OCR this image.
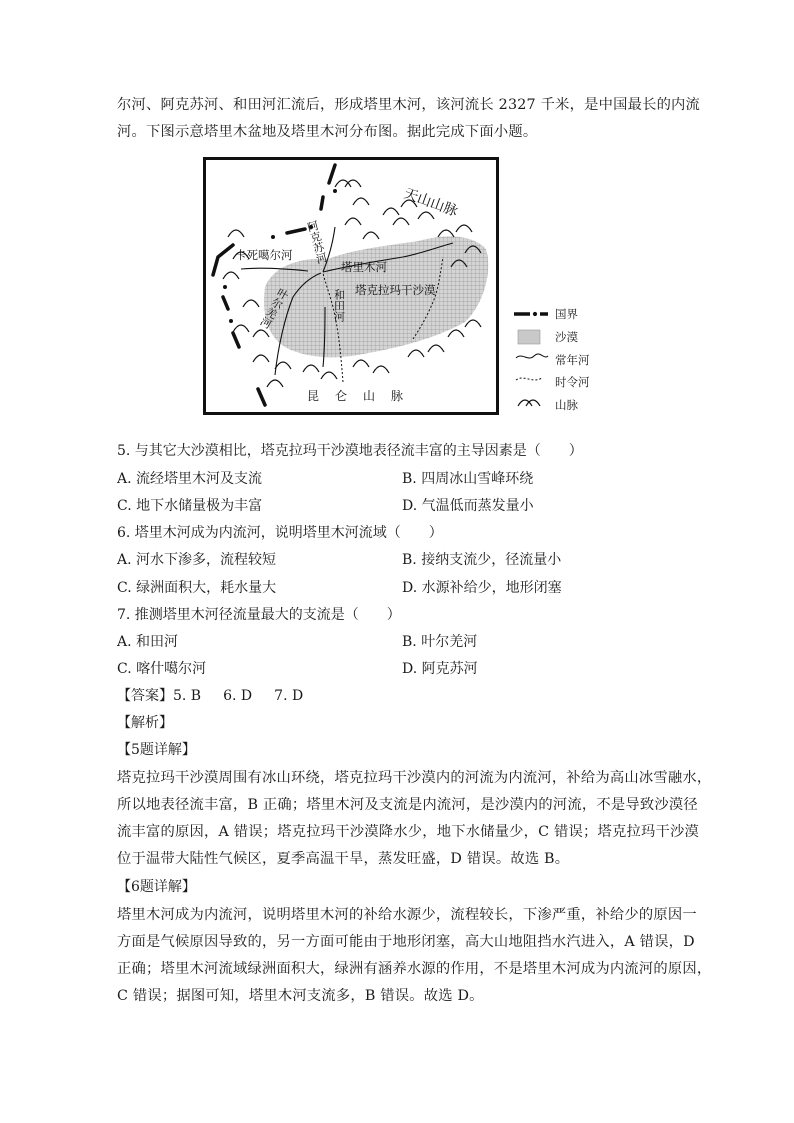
尔河、阿克苏河、和田河汇流后，形成塔里木河，该河流长 2327 千米，是中国最长的内流
河。下图示意塔里木盆地及塔里木河分布图。据此完成下面小题。
天山山脉
卡死噶尔河
塔里木河
塔克拉玛干沙漠
和田河
阿克苏河
叶尔羌河
昆 仑 山 脉
国界
沙漠
常年河
时令河
山脉
5. 与其它大沙漠相比，塔克拉玛干沙漠地表径流丰富的主导因素是（　　）
A. 流经塔里木河及支流	B. 四周冰山雪峰环绕
C. 地下水储量极为丰富	D. 气温低而蒸发量小
6. 塔里木河成为内流河，说明塔里木河流域（　　）
A. 河水下渗多，流程较短	B. 接纳支流少，径流量小
C. 绿洲面积大，耗水量大	D. 水源补给少，地形闭塞
7. 推测塔里木河径流量最大的支流是（　　）
A. 和田河	B. 叶尔羌河
C. 喀什噶尔河	D. 阿克苏河
【答案】5. B 6. D 7. D
【解析】
【5题详解】
塔克拉玛干沙漠周围有冰山环绕，塔克拉玛干沙漠内的河流为内流河，补给为高山冰雪融水，
所以地表径流丰富，B 正确；塔里木河及支流是内流河，是沙漠内的河流，不是导致沙漠径
流丰富的原因，A 错误；塔克拉玛干沙漠降水少，地下水储量少，C 错误；塔克拉玛干沙漠
位于温带大陆性气候区，夏季高温干旱，蒸发旺盛，D 错误。故选 B。
【6题详解】
塔里木河成为内流河，说明塔里木河的补给水源少，流程较长，下渗严重，补给少的原因一
方面是气候原因导致的，另一方面可能由于地形闭塞，高大山地阻挡水汽进入，A 错误，D
正确；塔里木河流域绿洲面积大，绿洲有涵养水源的作用，不是塔里木河成为内流河的原因，
C 错误；据图可知，塔里木河支流多，B 错误。故选 D。
